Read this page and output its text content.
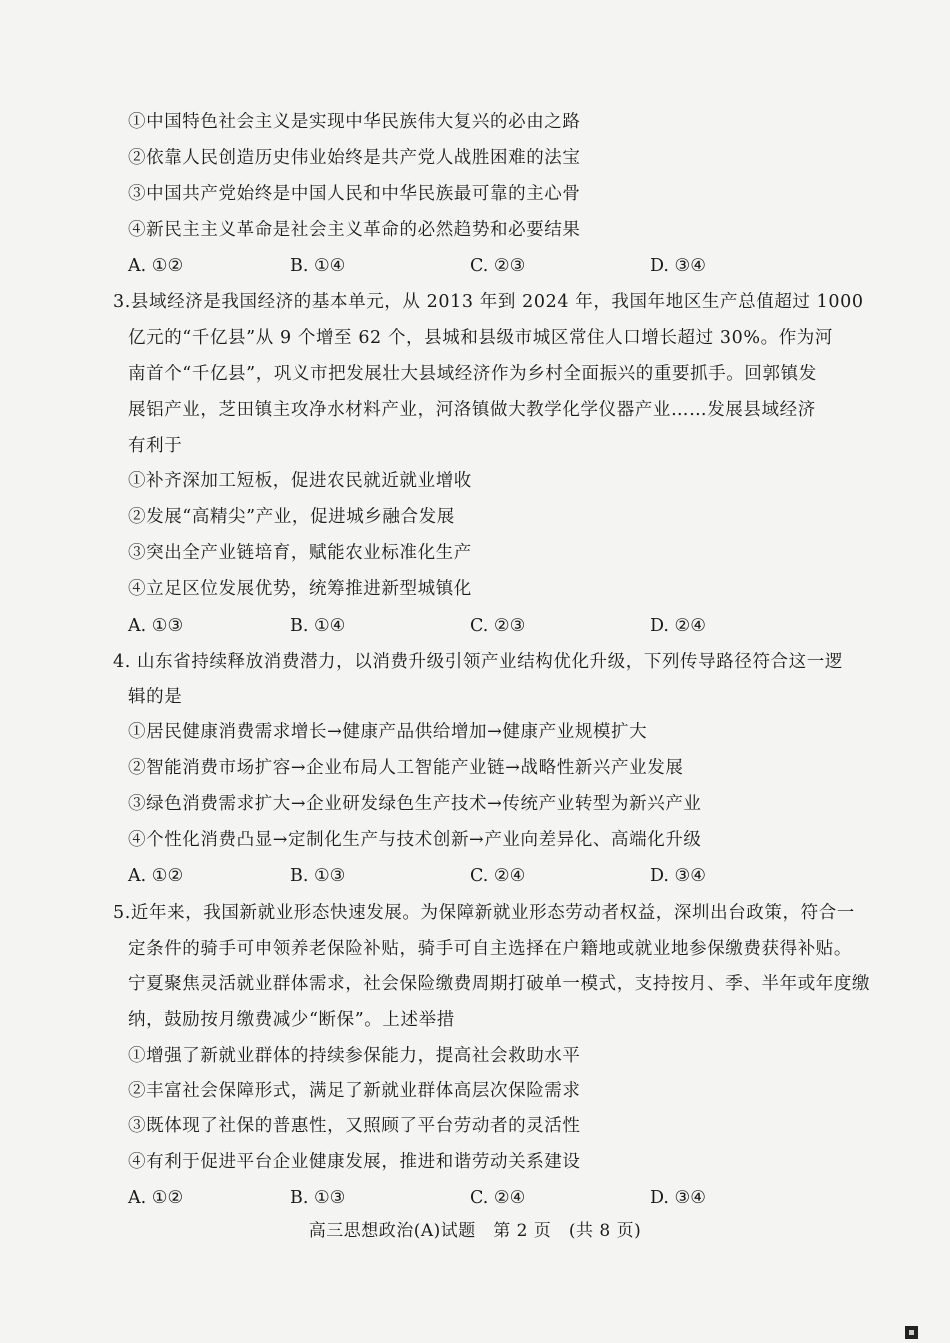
①中国特色社会主义是实现中华民族伟大复兴的必由之路
②依靠人民创造历史伟业始终是共产党人战胜困难的法宝
③中国共产党始终是中国人民和中华民族最可靠的主心骨
④新民主主义革命是社会主义革命的必然趋势和必要结果
A. ①②	B. ①④	C. ②③	D. ③④
3.县域经济是我国经济的基本单元，从 2013 年到 2024 年，我国年地区生产总值超过 1000
亿元的“千亿县”从 9 个增至 62 个，县城和县级市城区常住人口增长超过 30%。作为河
南首个“千亿县”，巩义市把发展壮大县域经济作为乡村全面振兴的重要抓手。回郭镇发
展铝产业，芝田镇主攻净水材料产业，河洛镇做大教学化学仪器产业……发展县域经济
有利于
①补齐深加工短板，促进农民就近就业增收
②发展“高精尖”产业，促进城乡融合发展
③突出全产业链培育，赋能农业标准化生产
④立足区位发展优势，统筹推进新型城镇化
A. ①③	B. ①④	C. ②③	D. ②④
4. 山东省持续释放消费潜力，以消费升级引领产业结构优化升级，下列传导路径符合这一逻
辑的是
①居民健康消费需求增长→健康产品供给增加→健康产业规模扩大
②智能消费市场扩容→企业布局人工智能产业链→战略性新兴产业发展
③绿色消费需求扩大→企业研发绿色生产技术→传统产业转型为新兴产业
④个性化消费凸显→定制化生产与技术创新→产业向差异化、高端化升级
A. ①②	B. ①③	C. ②④	D. ③④
5.近年来，我国新就业形态快速发展。为保障新就业形态劳动者权益，深圳出台政策，符合一
定条件的骑手可申领养老保险补贴，骑手可自主选择在户籍地或就业地参保缴费获得补贴。
宁夏聚焦灵活就业群体需求，社会保险缴费周期打破单一模式，支持按月、季、半年或年度缴
纳，鼓励按月缴费减少“断保”。上述举措
①增强了新就业群体的持续参保能力，提高社会救助水平
②丰富社会保障形式，满足了新就业群体高层次保险需求
③既体现了社保的普惠性，又照顾了平台劳动者的灵活性
④有利于促进平台企业健康发展，推进和谐劳动关系建设
A. ①②	B. ①③	C. ②④	D. ③④
高三思想政治(A)试题　第 2 页　(共 8 页)
